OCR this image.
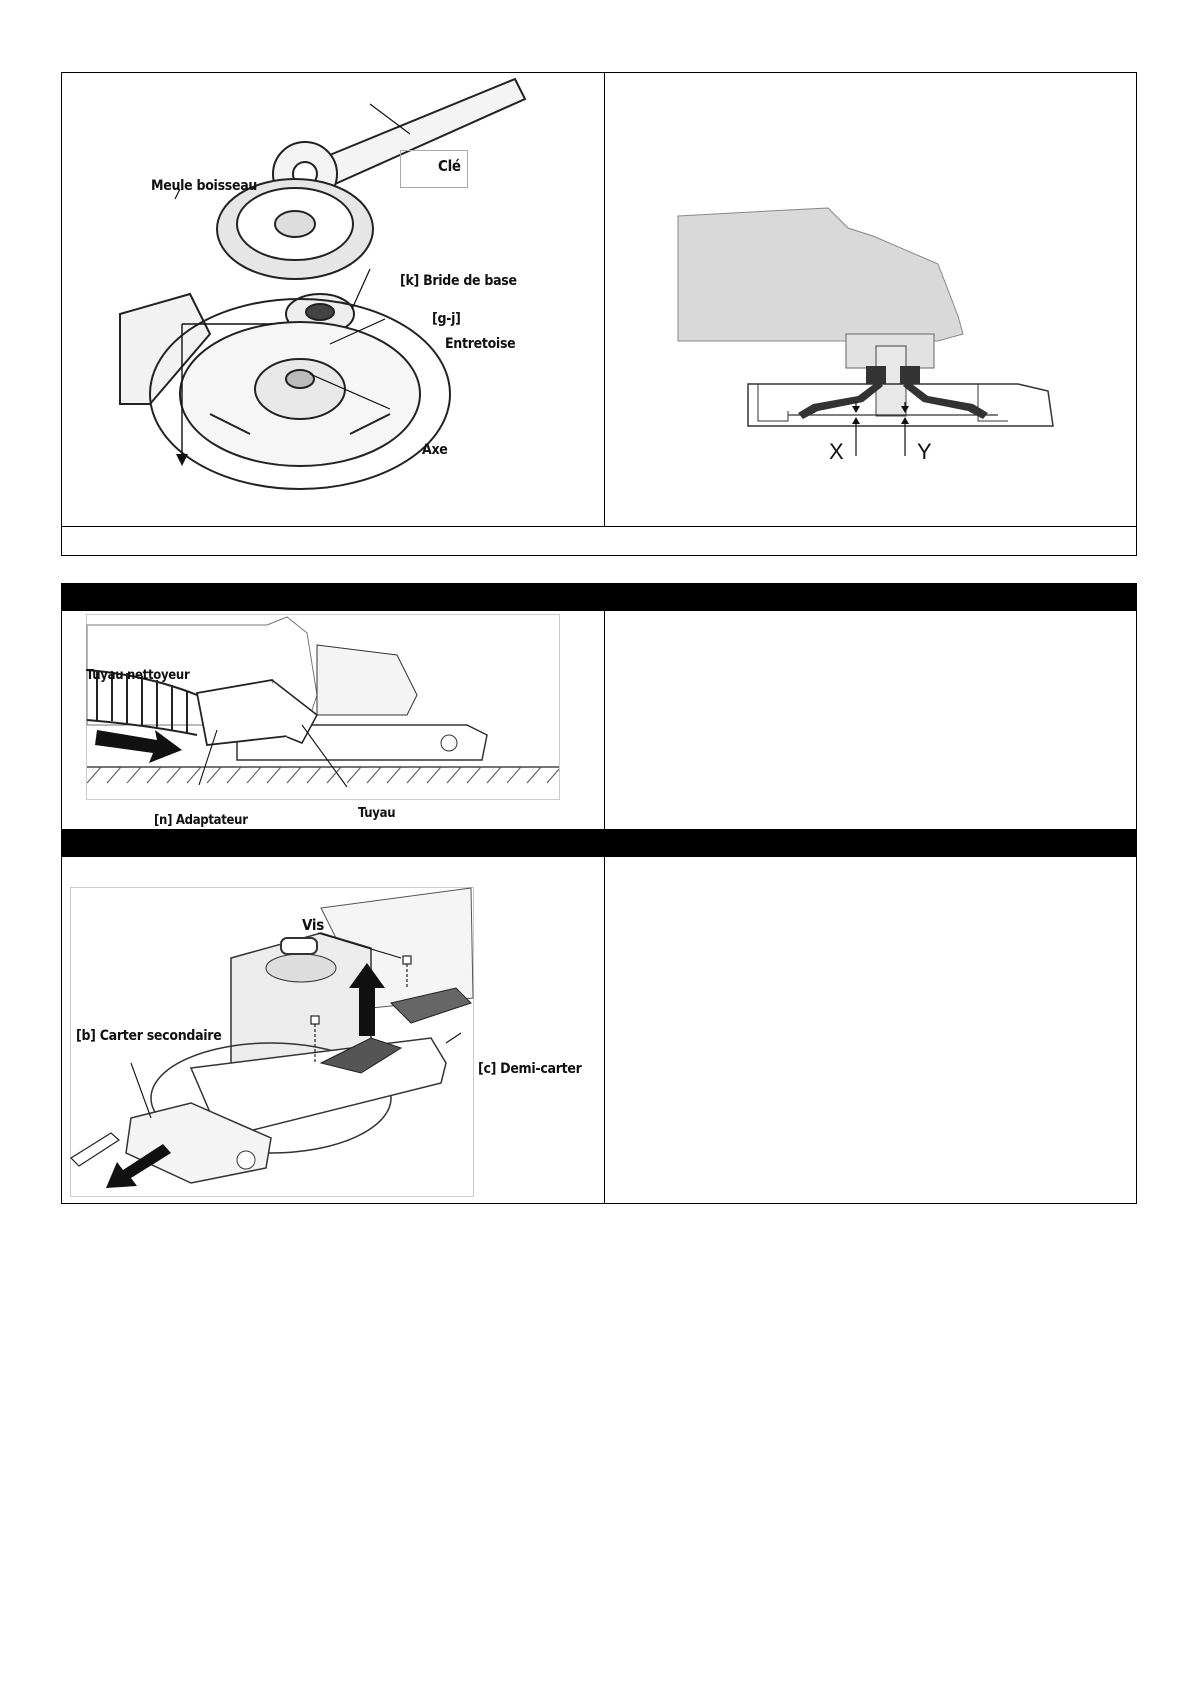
Clé
Meule boisseau
[k] Bride de base
[g-j]
Entretoise
Axe	X	Y
Tuyau nettoyeur
[n] Adaptateur	Tuyau
Vis
[b] Carter secondaire
[c] Demi-carter
